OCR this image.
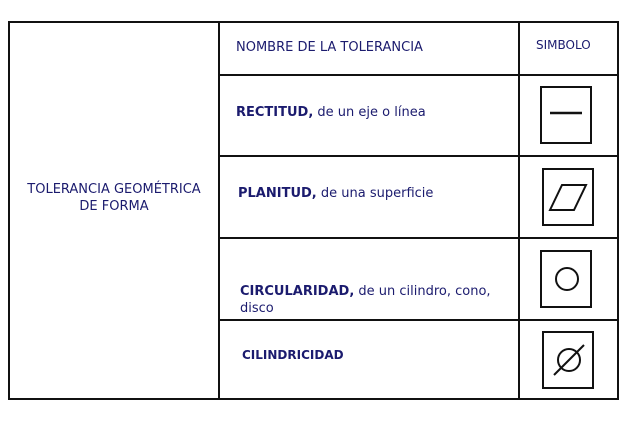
TOLERANCIA GEOMÉTRICA
DE FORMA
NOMBRE DE LA TOLERANCIA	SIMBOLO
RECTITUD, de un eje o línea
PLANITUD, de una superficie

CIRCULARIDAD, de un cilindro, cono,
disco

CILINDRICIDAD
